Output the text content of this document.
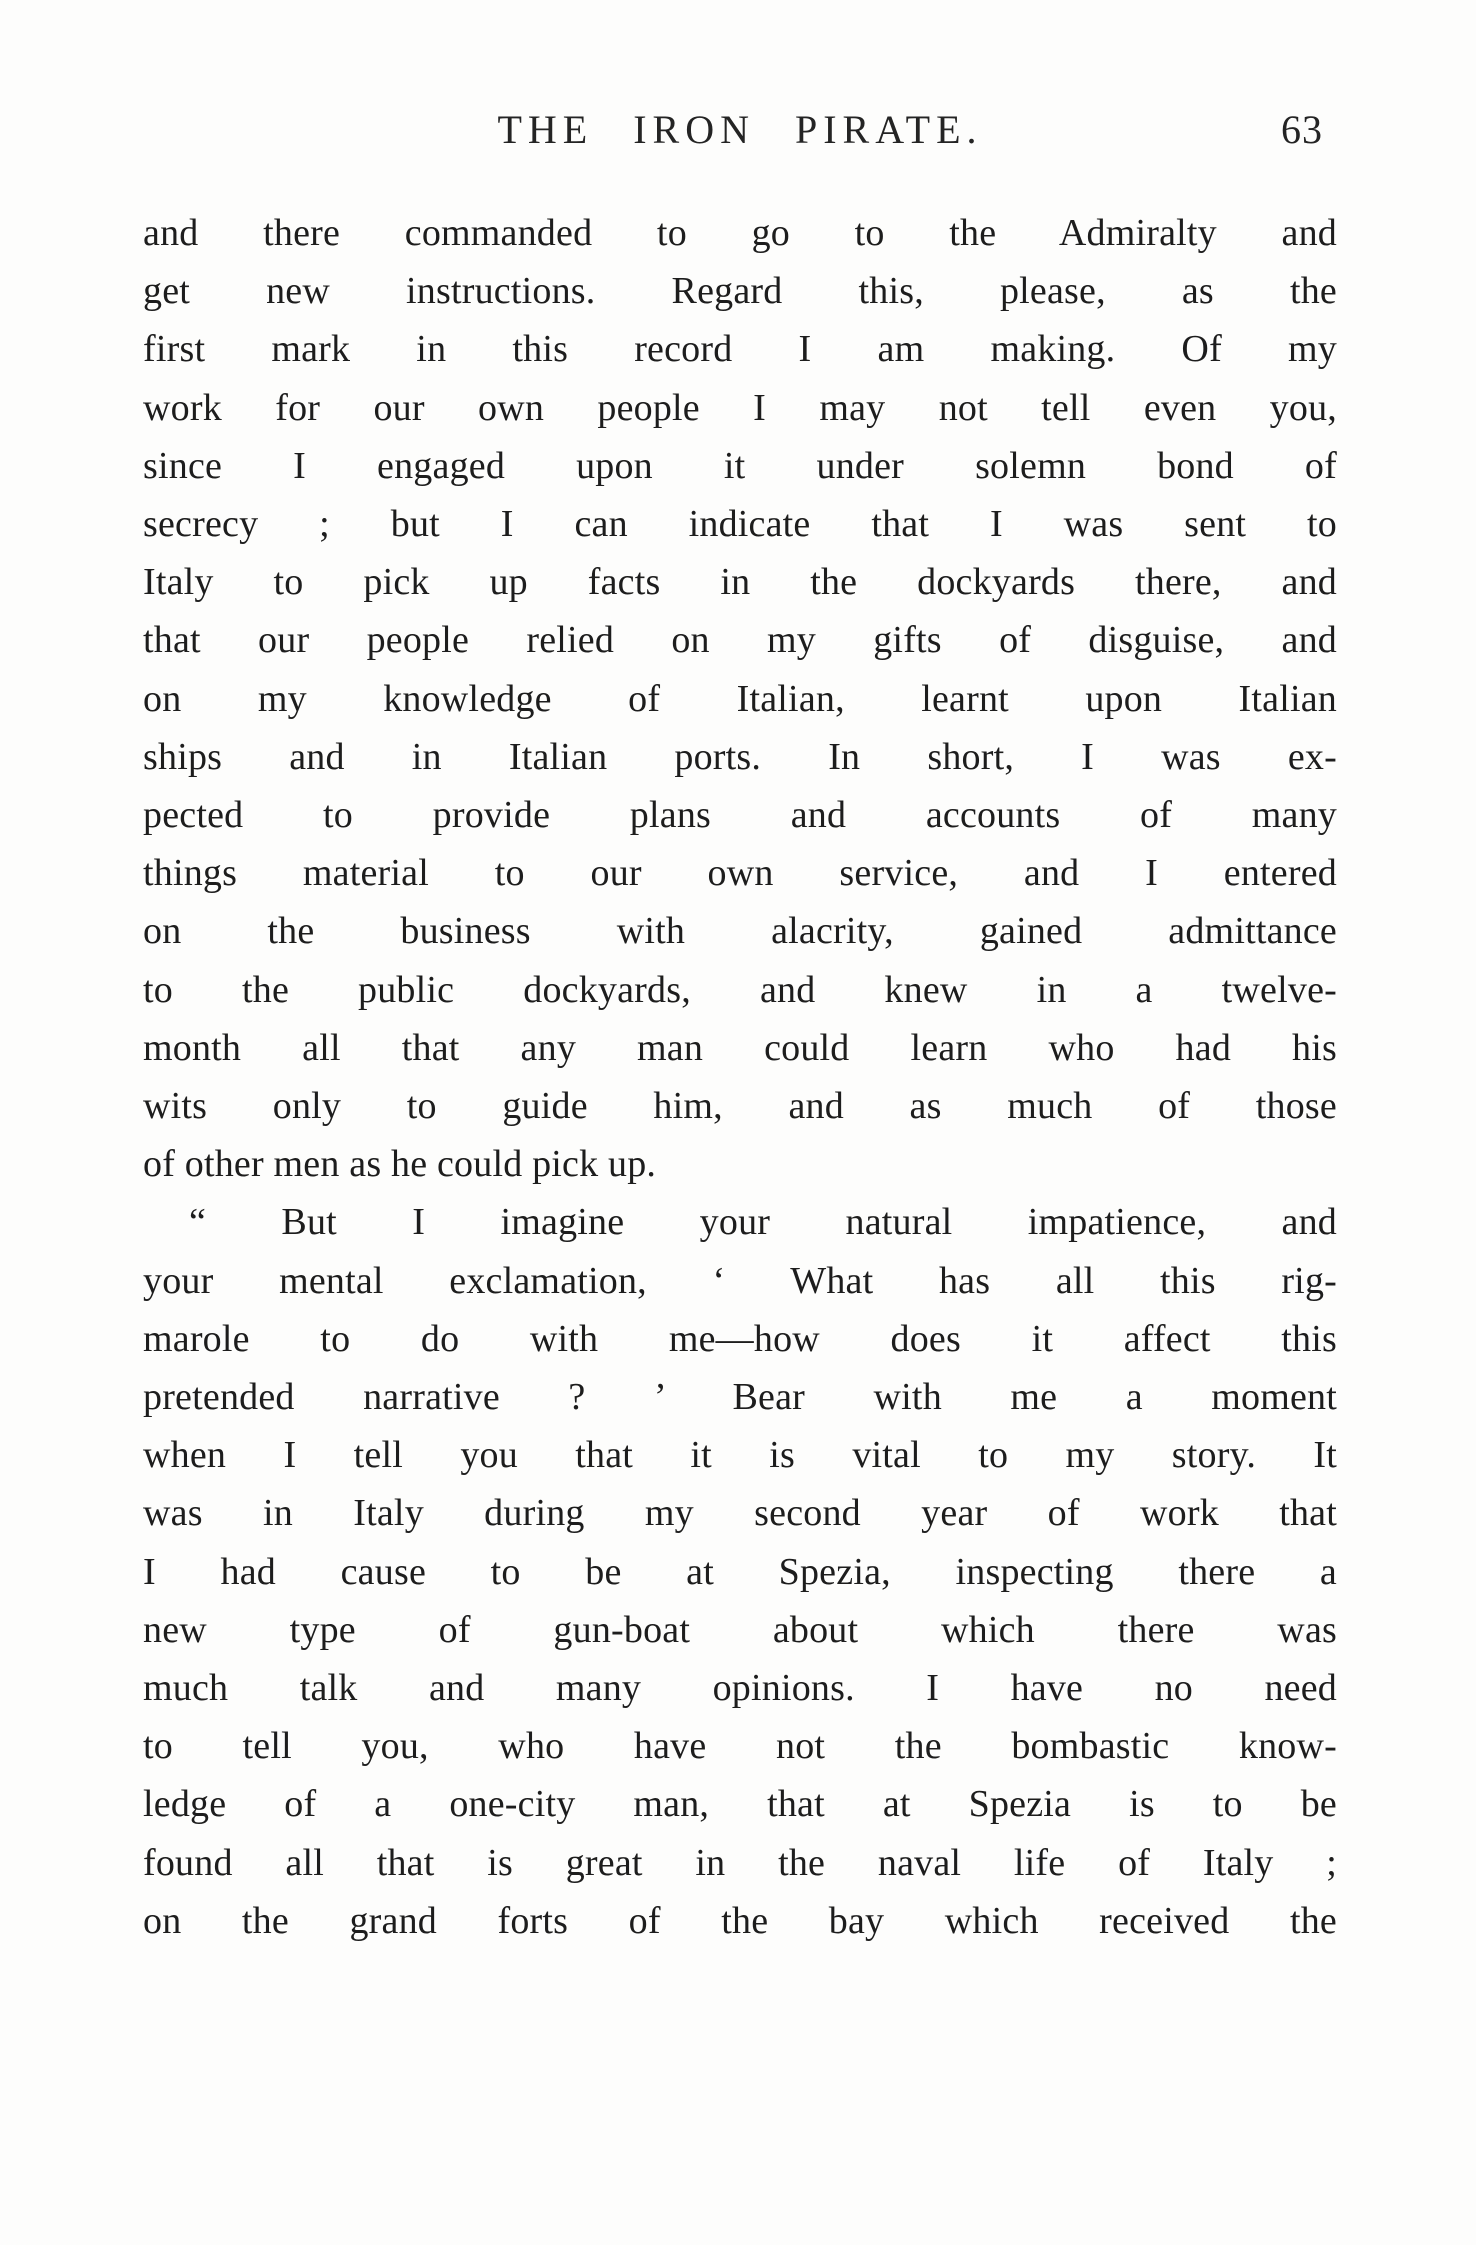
THE IRON PIRATE.	63

and there commanded to go to the Admiralty and
get new instructions. Regard this, please, as the
first mark in this record I am making. Of my
work for our own people I may not tell even you,
since I engaged upon it under solemn bond of
secrecy ; but I can indicate that I was sent to
Italy to pick up facts in the dockyards there, and
that our people relied on my gifts of disguise, and
on my knowledge of Italian, learnt upon Italian
ships and in Italian ports. In short, I was ex-
pected to provide plans and accounts of many
things material to our own service, and I entered
on the business with alacrity, gained admittance
to the public dockyards, and knew in a twelve-
month all that any man could learn who had his
wits only to guide him, and as much of those
of other men as he could pick up.

“ But I imagine your natural impatience, and
your mental exclamation, ‘ What has all this rig-
marole to do with me—how does it affect this
pretended narrative ? ’ Bear with me a moment
when I tell you that it is vital to my story. It
was in Italy during my second year of work that
I had cause to be at Spezia, inspecting there a
new type of gun-boat about which there was
much talk and many opinions. I have no need
to tell you, who have not the bombastic know-
ledge of a one-city man, that at Spezia is to be
found all that is great in the naval life of Italy ;
on the grand forts of the bay which received the
